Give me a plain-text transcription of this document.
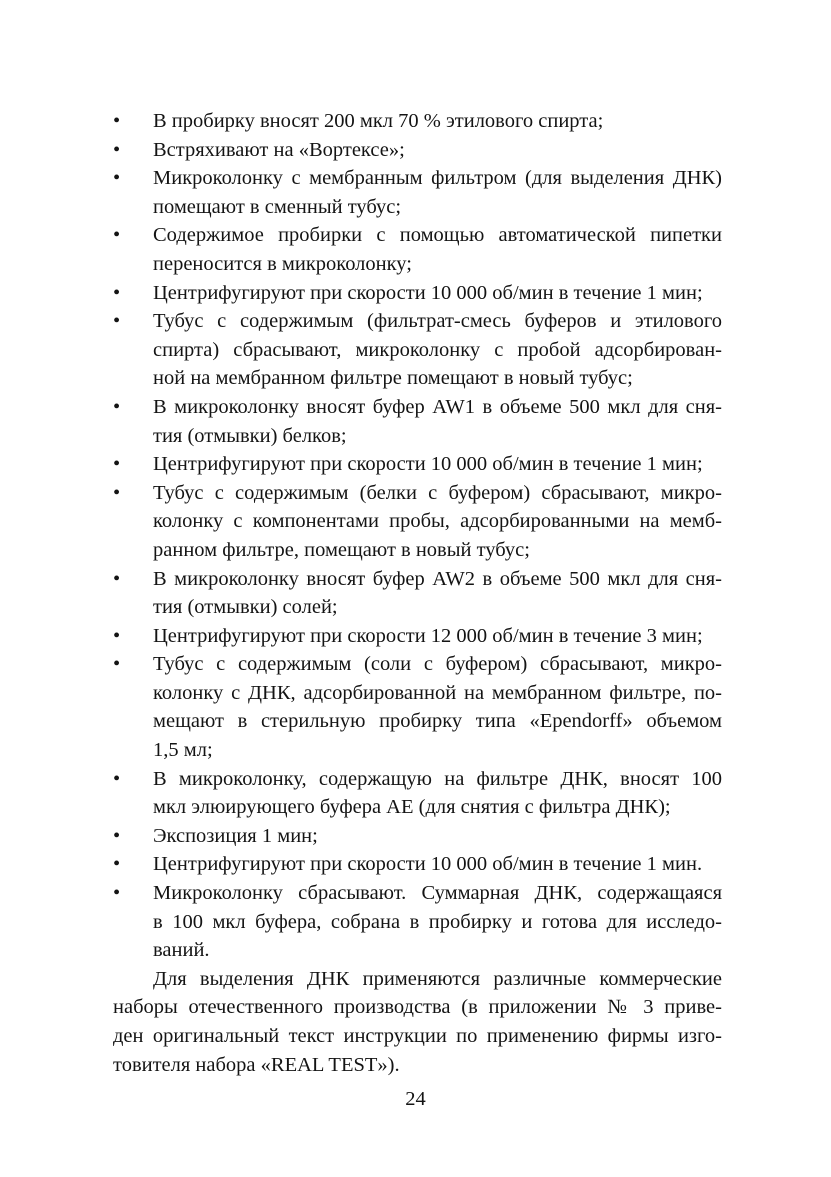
• В пробирку вносят 200 мкл 70 % этилового спирта;
• Встряхивают на «Вортексе»;
• Микроколонку с мембранным фильтром (для выделения ДНК)
помещают в сменный тубус;
• Содержимое пробирки с помощью автоматической пипетки
переносится в микроколонку;
• Центрифугируют при скорости 10 000 об/мин в течение 1 мин;
• Тубус с содержимым (фильтрат-смесь буферов и этилового
спирта) сбрасывают, микроколонку с пробой адсорбирован-
ной на мембранном фильтре помещают в новый тубус;
• В микроколонку вносят буфер AW1 в объеме 500 мкл для сня-
тия (отмывки) белков;
• Центрифугируют при скорости 10 000 об/мин в течение 1 мин;
• Тубус с содержимым (белки с буфером) сбрасывают, микро-
колонку с компонентами пробы, адсорбированными на мемб-
ранном фильтре, помещают в новый тубус;
• В микроколонку вносят буфер AW2 в объеме 500 мкл для сня-
тия (отмывки) солей;
• Центрифугируют при скорости 12 000 об/мин в течение 3 мин;
• Тубус с содержимым (соли с буфером) сбрасывают, микро-
колонку с ДНК, адсорбированной на мембранном фильтре, по-
мещают в стерильную пробирку типа «Ependorff» объемом
1,5 мл;
• В микроколонку, содержащую на фильтре ДНК, вносят 100
мкл элюирующего буфера АЕ (для снятия с фильтра ДНК);
• Экспозиция 1 мин;
• Центрифугируют при скорости 10 000 об/мин в течение 1 мин.
• Микроколонку сбрасывают. Суммарная ДНК, содержащаяся
в 100 мкл буфера, собрана в пробирку и готова для исследо-
ваний.

Для выделения ДНК применяются различные коммерческие
наборы отечественного производства (в приложении № 3 приве-
ден оригинальный текст инструкции по применению фирмы изго-
товителя набора «REAL TEST»).

24
